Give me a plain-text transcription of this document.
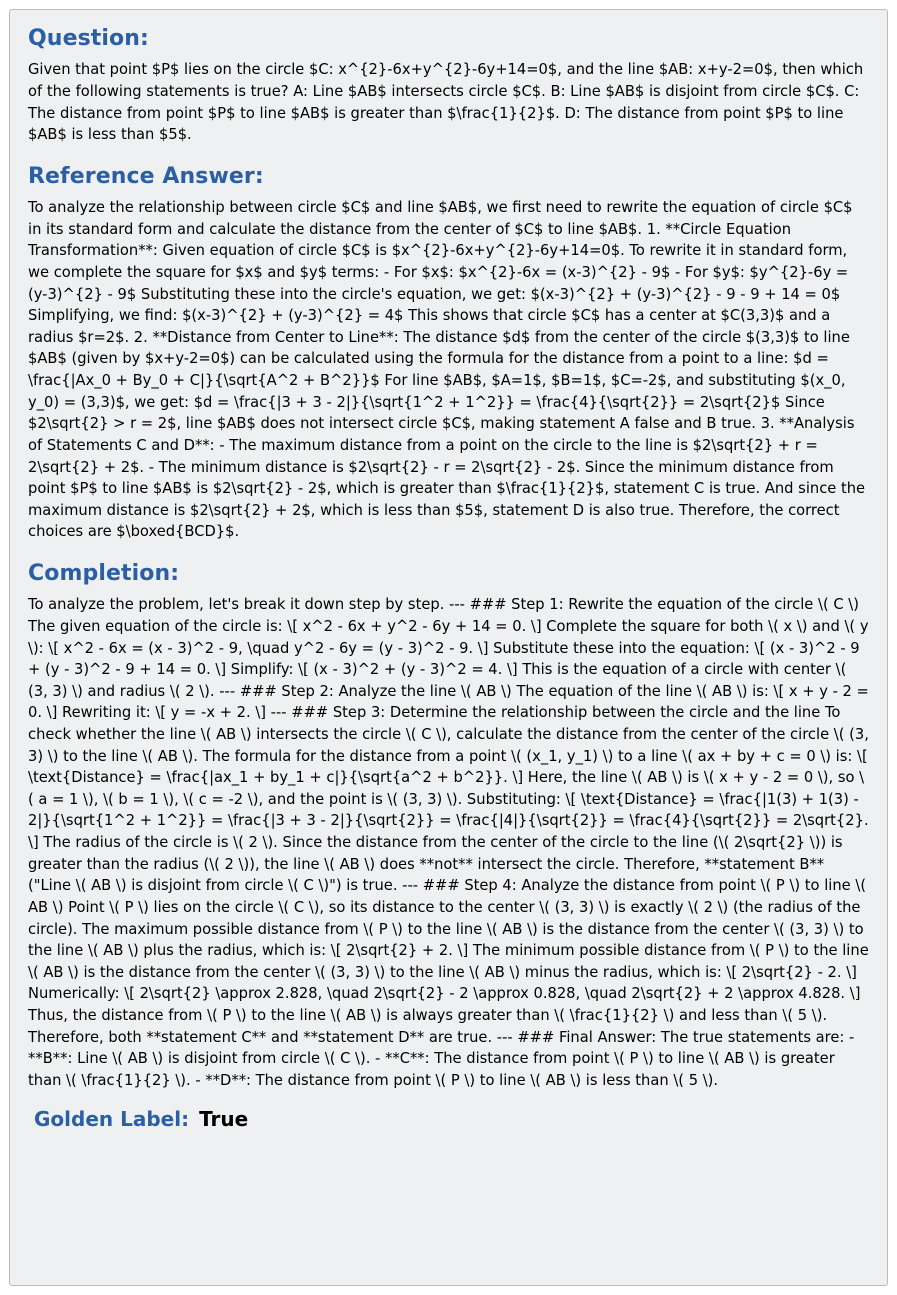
Question:

Given that point $P$ lies on the circle $C: x^{2}-6x+y^{2}-6y+14=0$, and the line $AB: x+y-2=0$, then which of the following statements is true? A: Line $AB$ intersects circle $C$. B: Line $AB$ is disjoint from circle $C$. C: The distance from point $P$ to line $AB$ is greater than $\frac{1}{2}$. D: The distance from point $P$ to line $AB$ is less than $5$.

Reference Answer:

To analyze the relationship between circle $C$ and line $AB$, we first need to rewrite the equation of circle $C$ in its standard form and calculate the distance from the center of $C$ to line $AB$. 1. **Circle Equation Transformation**: Given equation of circle $C$ is $x^{2}-6x+y^{2}-6y+14=0$. To rewrite it in standard form, we complete the square for $x$ and $y$ terms: - For $x$: $x^{2}-6x = (x-3)^{2} - 9$ - For $y$: $y^{2}-6y = (y-3)^{2} - 9$ Substituting these into the circle's equation, we get: $(x-3)^{2} + (y-3)^{2} - 9 - 9 + 14 = 0$ Simplifying, we find: $(x-3)^{2} + (y-3)^{2} = 4$ This shows that circle $C$ has a center at $C(3,3)$ and a radius $r=2$. 2. **Distance from Center to Line**: The distance $d$ from the center of the circle $(3,3)$ to line $AB$ (given by $x+y-2=0$) can be calculated using the formula for the distance from a point to a line: $d = \frac{|Ax_0 + By_0 + C|}{\sqrt{A^2 + B^2}}$ For line $AB$, $A=1$, $B=1$, $C=-2$, and substituting $(x_0, y_0) = (3,3)$, we get: $d = \frac{|3 + 3 - 2|}{\sqrt{1^2 + 1^2}} = \frac{4}{\sqrt{2}} = 2\sqrt{2}$ Since $2\sqrt{2} > r = 2$, line $AB$ does not intersect circle $C$, making statement A false and B true. 3. **Analysis of Statements C and D**: - The maximum distance from a point on the circle to the line is $2\sqrt{2} + r = 2\sqrt{2} + 2$. - The minimum distance is $2\sqrt{2} - r = 2\sqrt{2} - 2$. Since the minimum distance from point $P$ to line $AB$ is $2\sqrt{2} - 2$, which is greater than $\frac{1}{2}$, statement C is true. And since the maximum distance is $2\sqrt{2} + 2$, which is less than $5$, statement D is also true. Therefore, the correct choices are $\boxed{BCD}$.

Completion:

To analyze the problem, let's break it down step by step. --- ### Step 1: Rewrite the equation of the circle \( C \) The given equation of the circle is: \[ x^2 - 6x + y^2 - 6y + 14 = 0. \] Complete the square for both \( x \) and \( y \): \[ x^2 - 6x = (x - 3)^2 - 9, \quad y^2 - 6y = (y - 3)^2 - 9. \] Substitute these into the equation: \[ (x - 3)^2 - 9 + (y - 3)^2 - 9 + 14 = 0. \] Simplify: \[ (x - 3)^2 + (y - 3)^2 = 4. \] This is the equation of a circle with center \( (3, 3) \) and radius \( 2 \). --- ### Step 2: Analyze the line \( AB \) The equation of the line \( AB \) is: \[ x + y - 2 = 0. \] Rewriting it: \[ y = -x + 2. \] --- ### Step 3: Determine the relationship between the circle and the line To check whether the line \( AB \) intersects the circle \( C \), calculate the distance from the center of the circle \( (3, 3) \) to the line \( AB \). The formula for the distance from a point \( (x_1, y_1) \) to a line \( ax + by + c = 0 \) is: \[ \text{Distance} = \frac{|ax_1 + by_1 + c|}{\sqrt{a^2 + b^2}}. \] Here, the line \( AB \) is \( x + y - 2 = 0 \), so \( a = 1 \), \( b = 1 \), \( c = -2 \), and the point is \( (3, 3) \). Substituting: \[ \text{Distance} = \frac{|1(3) + 1(3) - 2|}{\sqrt{1^2 + 1^2}} = \frac{|3 + 3 - 2|}{\sqrt{2}} = \frac{|4|}{\sqrt{2}} = \frac{4}{\sqrt{2}} = 2\sqrt{2}. \] The radius of the circle is \( 2 \). Since the distance from the center of the circle to the line (\( 2\sqrt{2} \)) is greater than the radius (\( 2 \)), the line \( AB \) does **not** intersect the circle. Therefore, **statement B** ("Line \( AB \) is disjoint from circle \( C \)") is true. --- ### Step 4: Analyze the distance from point \( P \) to line \( AB \) Point \( P \) lies on the circle \( C \), so its distance to the center \( (3, 3) \) is exactly \( 2 \) (the radius of the circle). The maximum possible distance from \( P \) to the line \( AB \) is the distance from the center \( (3, 3) \) to the line \( AB \) plus the radius, which is: \[ 2\sqrt{2} + 2. \] The minimum possible distance from \( P \) to the line \( AB \) is the distance from the center \( (3, 3) \) to the line \( AB \) minus the radius, which is: \[ 2\sqrt{2} - 2. \] Numerically: \[ 2\sqrt{2} \approx 2.828, \quad 2\sqrt{2} - 2 \approx 0.828, \quad 2\sqrt{2} + 2 \approx 4.828. \] Thus, the distance from \( P \) to the line \( AB \) is always greater than \( \frac{1}{2} \) and less than \( 5 \). Therefore, both **statement C** and **statement D** are true. --- ### Final Answer: The true statements are: - **B**: Line \( AB \) is disjoint from circle \( C \). - **C**: The distance from point \( P \) to line \( AB \) is greater than \( \frac{1}{2} \). - **D**: The distance from point \( P \) to line \( AB \) is less than \( 5 \).

Golden Label: True
